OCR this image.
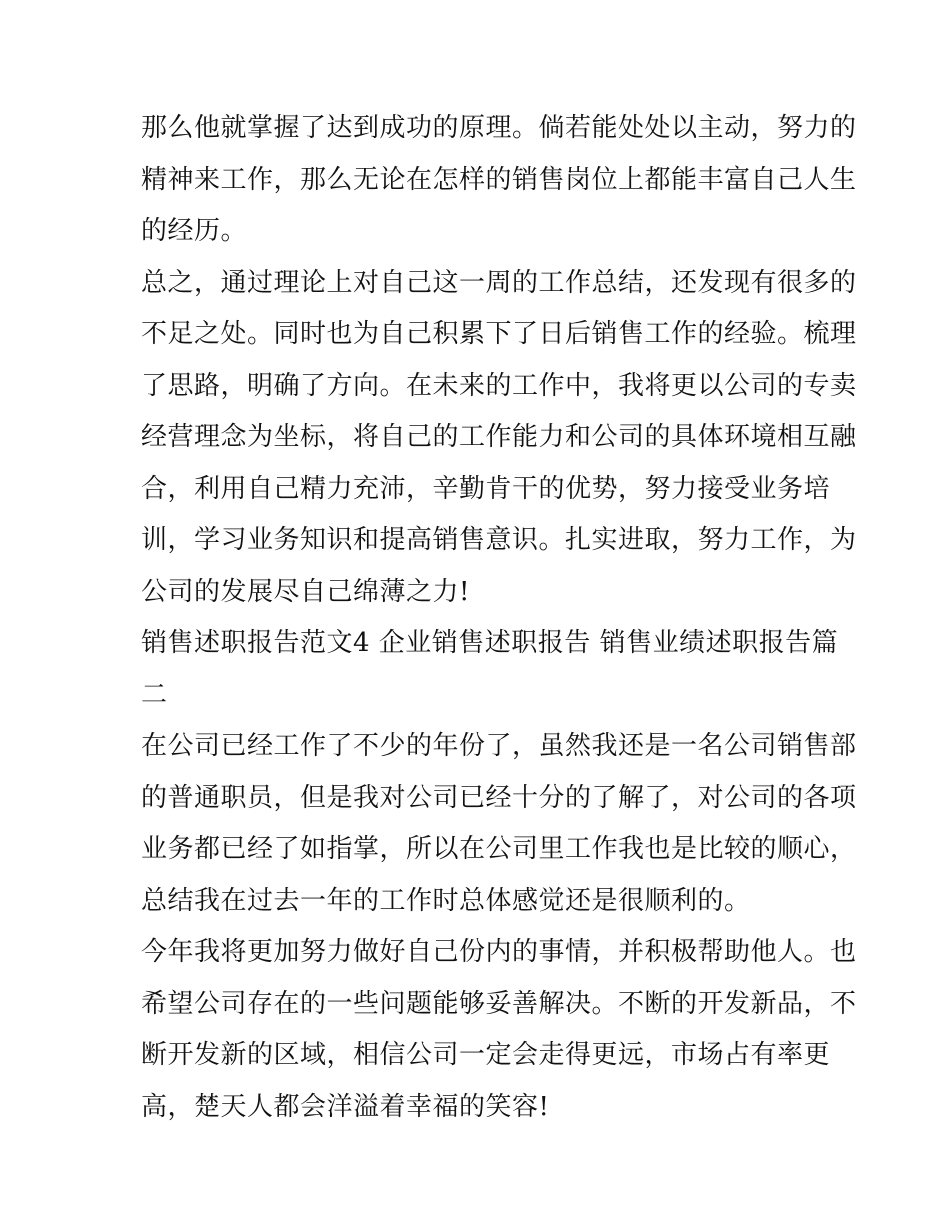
那么他就掌握了达到成功的原理。倘若能处处以主动，努力的
精神来工作，那么无论在怎样的销售岗位上都能丰富自己人生
的经历。
总之，通过理论上对自己这一周的工作总结，还发现有很多的
不足之处。同时也为自己积累下了日后销售工作的经验。梳理
了思路，明确了方向。在未来的工作中，我将更以公司的专卖
经营理念为坐标，将自己的工作能力和公司的具体环境相互融
合，利用自己精力充沛，辛勤肯干的优势，努力接受业务培
训，学习业务知识和提高销售意识。扎实进取，努力工作，为
公司的发展尽自己绵薄之力!
销售述职报告范文4 企业销售述职报告 销售业绩述职报告篇
二
在公司已经工作了不少的年份了，虽然我还是一名公司销售部
的普通职员，但是我对公司已经十分的了解了，对公司的各项
业务都已经了如指掌，所以在公司里工作我也是比较的顺心，
总结我在过去一年的工作时总体感觉还是很顺利的。
今年我将更加努力做好自己份内的事情，并积极帮助他人。也
希望公司存在的一些问题能够妥善解决。不断的开发新品，不
断开发新的区域，相信公司一定会走得更远，市场占有率更
高，楚天人都会洋溢着幸福的笑容!
